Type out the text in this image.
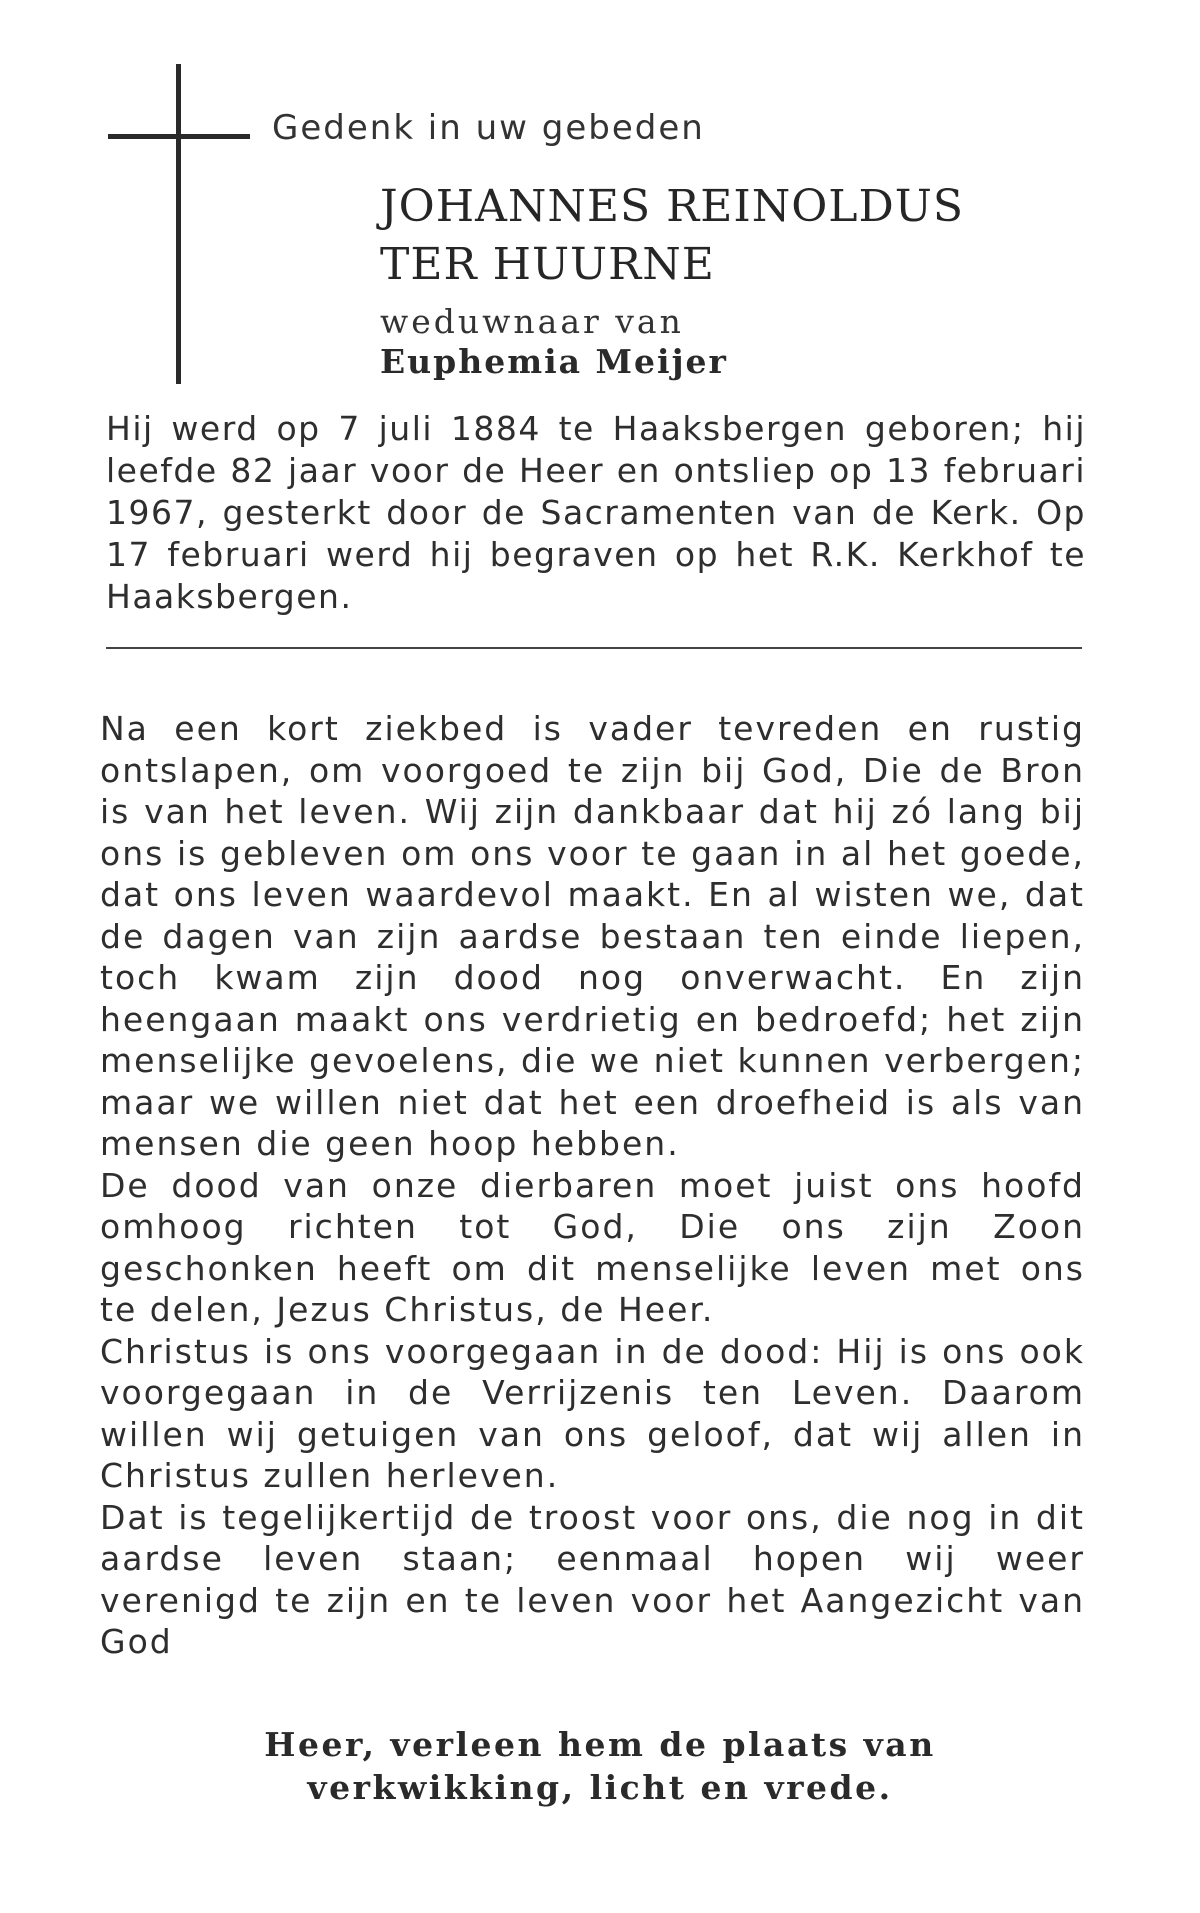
Gedenk in uw gebeden
JOHANNES REINOLDUS
TER HUURNE
weduwnaar van
Euphemia Meijer
Hij werd op 7 juli 1884 te Haaksbergen geboren; hij leefde 82 jaar voor de Heer en ontsliep op 13 februari 1967, gesterkt door de Sacramenten van de Kerk. Op 17 februari werd hij begraven op het R.K. Kerkhof te Haaksbergen.

Na een kort ziekbed is vader tevreden en rustig ontslapen, om voorgoed te zijn bij God, Die de Bron is van het leven. Wij zijn dankbaar dat hij zó lang bij ons is gebleven om ons voor te gaan in al het goede, dat ons leven waardevol maakt. En al wisten we, dat de dagen van zijn aardse bestaan ten einde liepen, toch kwam zijn dood nog onverwacht. En zijn heengaan maakt ons verdrietig en bedroefd; het zijn menselijke gevoelens, die we niet kunnen verbergen; maar we willen niet dat het een droefheid is als van mensen die geen hoop hebben.

De dood van onze dierbaren moet juist ons hoofd omhoog richten tot God, Die ons zijn Zoon geschonken heeft om dit menselijke leven met ons te delen, Jezus Christus, de Heer.

Christus is ons voorgegaan in de dood: Hij is ons ook voorgegaan in de Verrijzenis ten Leven. Daarom willen wij getuigen van ons geloof, dat wij allen in Christus zullen herleven.

Dat is tegelijkertijd de troost voor ons, die nog in dit aardse leven staan; eenmaal hopen wij weer verenigd te zijn en te leven voor het Aangezicht van God

Heer, verleen hem de plaats van
verkwikking, licht en vrede.
